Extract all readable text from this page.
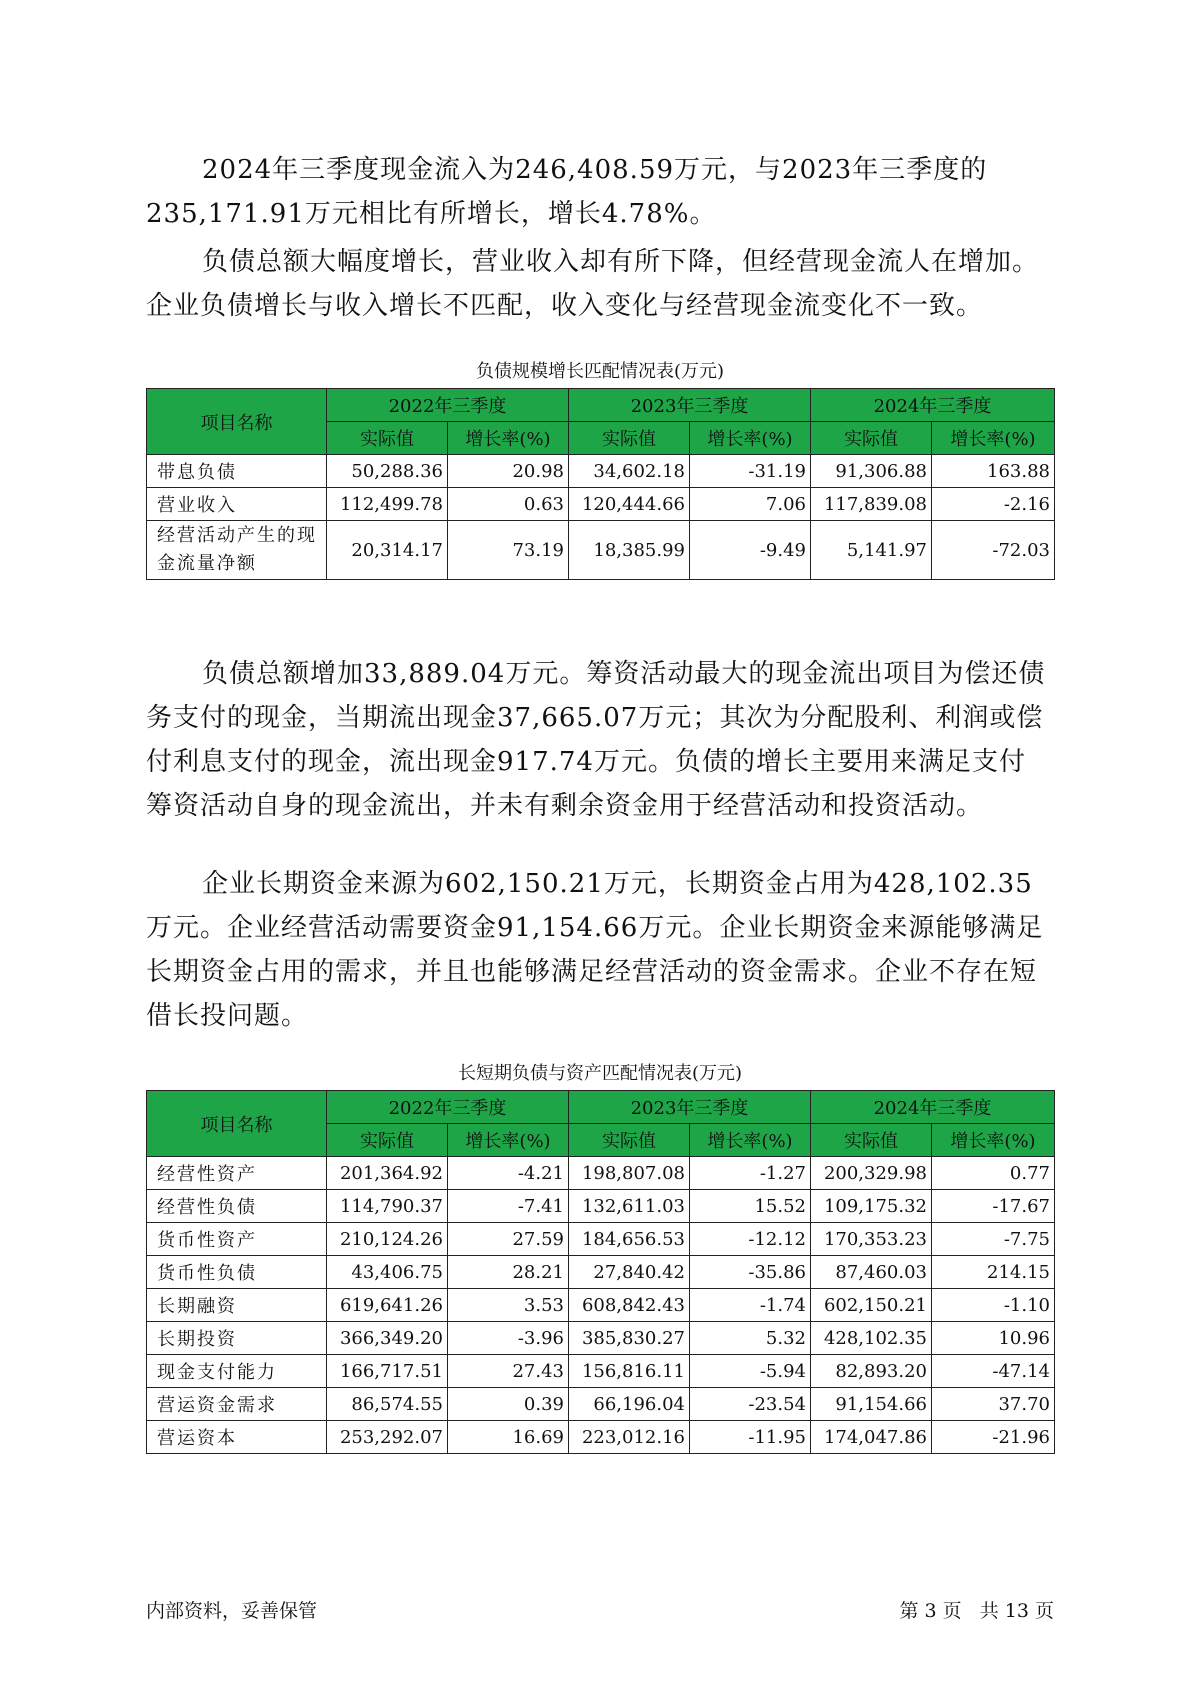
2024年三季度现金流入为246,408.59万元，与2023年三季度的235,171.91万元相比有所增长，增长4.78%。

负债总额大幅度增长，营业收入却有所下降，但经营现金流人在增加。企业负债增长与收入增长不匹配，收入变化与经营现金流变化不一致。

负债规模增长匹配情况表(万元)

项目名称	2022年三季度		2023年三季度		2024年三季度	
	实际值	增长率(%)	实际值	增长率(%)	实际值	增长率(%)
带息负债	50,288.36	20.98	34,602.18	-31.19	91,306.88	163.88
营业收入	112,499.78	0.63	120,444.66	7.06	117,839.08	-2.16
经营活动产生的现金流量净额	20,314.17	73.19	18,385.99	-9.49	5,141.97	-72.03

负债总额增加33,889.04万元。筹资活动最大的现金流出项目为偿还债务支付的现金，当期流出现金37,665.07万元；其次为分配股利、利润或偿付利息支付的现金，流出现金917.74万元。负债的增长主要用来满足支付筹资活动自身的现金流出，并未有剩余资金用于经营活动和投资活动。

企业长期资金来源为602,150.21万元，长期资金占用为428,102.35万元。企业经营活动需要资金91,154.66万元。企业长期资金来源能够满足长期资金占用的需求，并且也能够满足经营活动的资金需求。企业不存在短借长投问题。

长短期负债与资产匹配情况表(万元)

项目名称	2022年三季度		2023年三季度		2024年三季度	
	实际值	增长率(%)	实际值	增长率(%)	实际值	增长率(%)
经营性资产	201,364.92	-4.21	198,807.08	-1.27	200,329.98	0.77
经营性负债	114,790.37	-7.41	132,611.03	15.52	109,175.32	-17.67
货币性资产	210,124.26	27.59	184,656.53	-12.12	170,353.23	-7.75
货币性负债	43,406.75	28.21	27,840.42	-35.86	87,460.03	214.15
长期融资	619,641.26	3.53	608,842.43	-1.74	602,150.21	-1.10
长期投资	366,349.20	-3.96	385,830.27	5.32	428,102.35	10.96
现金支付能力	166,717.51	27.43	156,816.11	-5.94	82,893.20	-47.14
营运资金需求	86,574.55	0.39	66,196.04	-23.54	91,154.66	37.70
营运资本	253,292.07	16.69	223,012.16	-11.95	174,047.86	-21.96
内部资料，妥善保管	第 3 页   共 13 页
